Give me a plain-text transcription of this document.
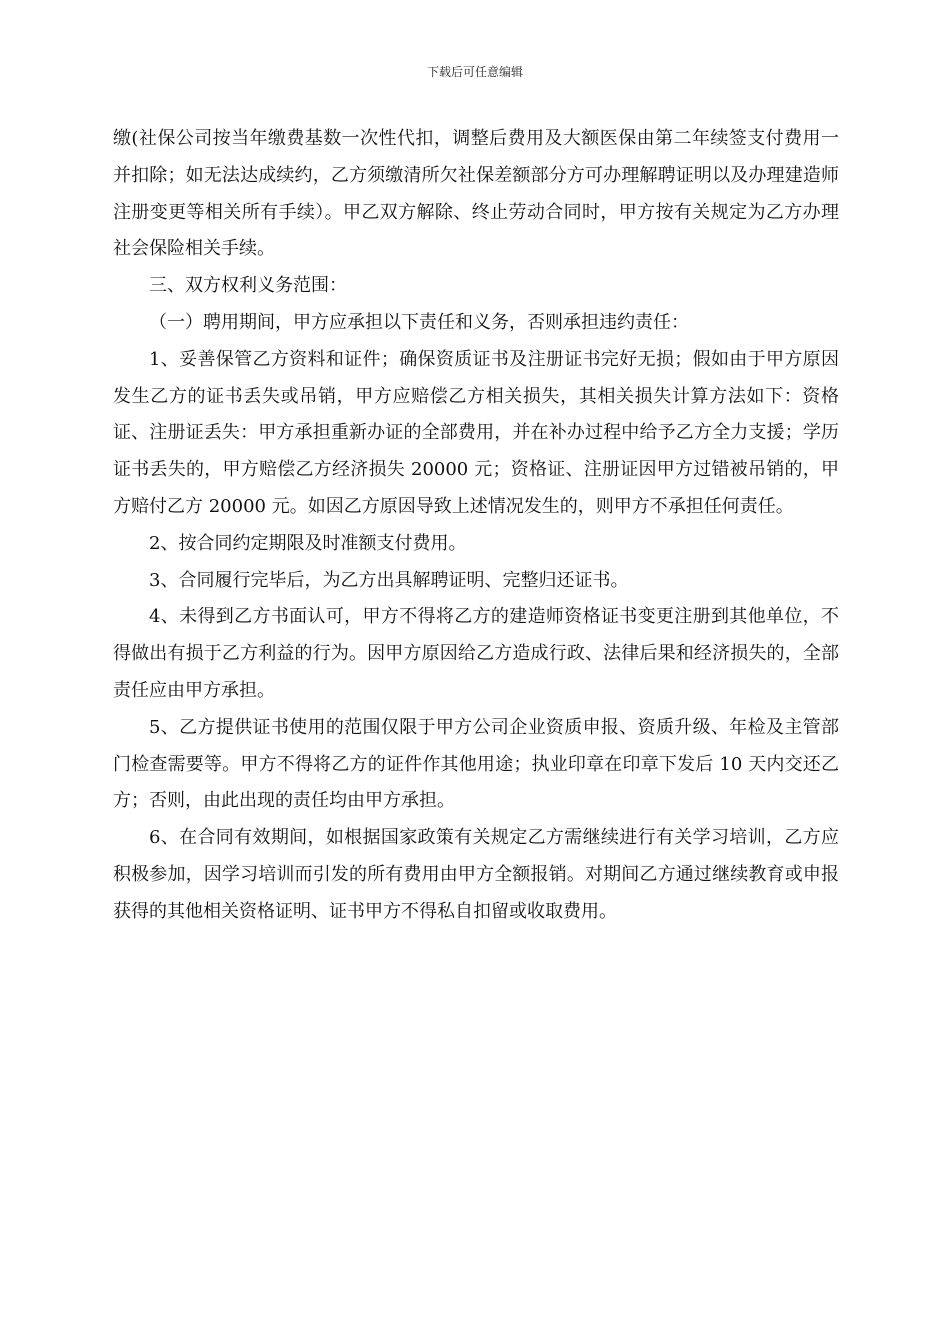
下载后可任意编辑

缴(社保公司按当年缴费基数一次性代扣，调整后费用及大额医保由第二年续签支付费用一并扣除；如无法达成续约，乙方须缴清所欠社保差额部分方可办理解聘证明以及办理建造师注册变更等相关所有手续）。甲乙双方解除、终止劳动合同时，甲方按有关规定为乙方办理社会保险相关手续。

三、双方权利义务范围：

（一）聘用期间，甲方应承担以下责任和义务，否则承担违约责任：

1、妥善保管乙方资料和证件；确保资质证书及注册证书完好无损；假如由于甲方原因发生乙方的证书丢失或吊销，甲方应赔偿乙方相关损失，其相关损失计算方法如下：资格证、注册证丢失：甲方承担重新办证的全部费用，并在补办过程中给予乙方全力支援；学历证书丢失的，甲方赔偿乙方经济损失 20000 元；资格证、注册证因甲方过错被吊销的，甲方赔付乙方 20000 元。如因乙方原因导致上述情况发生的，则甲方不承担任何责任。

2、按合同约定期限及时准额支付费用。

3、合同履行完毕后，为乙方出具解聘证明、完整归还证书。

4、未得到乙方书面认可，甲方不得将乙方的建造师资格证书变更注册到其他单位，不得做出有损于乙方利益的行为。因甲方原因给乙方造成行政、法律后果和经济损失的，全部责任应由甲方承担。

5、乙方提供证书使用的范围仅限于甲方公司企业资质申报、资质升级、年检及主管部门检查需要等。甲方不得将乙方的证件作其他用途；执业印章在印章下发后 10 天内交还乙方；否则，由此出现的责任均由甲方承担。

6、在合同有效期间，如根据国家政策有关规定乙方需继续进行有关学习培训，乙方应积极参加，因学习培训而引发的所有费用由甲方全额报销。对期间乙方通过继续教育或申报获得的其他相关资格证明、证书甲方不得私自扣留或收取费用。
